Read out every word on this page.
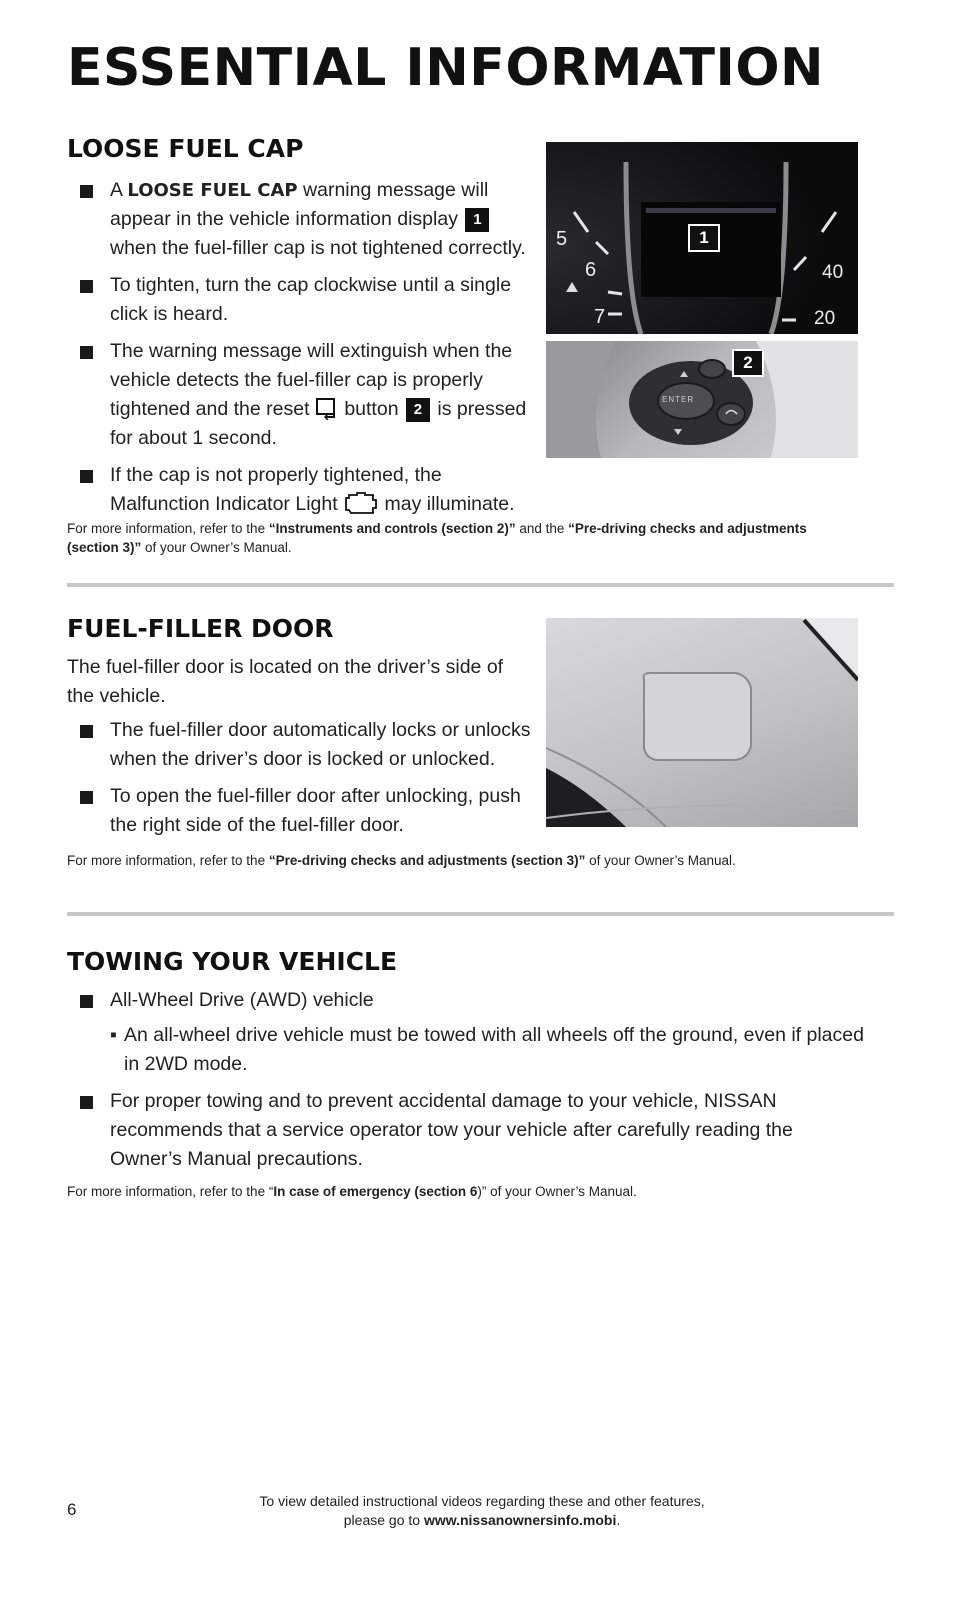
ESSENTIAL INFORMATION
LOOSE FUEL CAP
A LOOSE FUEL CAP warning message will appear in the vehicle information display 1 when the fuel-filler cap is not tightened correctly.
To tighten, turn the cap clockwise until a single click is heard.
The warning message will extinguish when the vehicle detects the fuel-filler cap is properly tightened and the reset  button 2 is pressed for about 1 second.
If the cap is not properly tightened, the Malfunction Indicator Light  may illuminate.
5
6
7
40
20
1
ENTER
2
For more information, refer to the “Instruments and controls (section 2)” and the “Pre-driving checks and adjustments (section 3)” of your Owner’s Manual.
FUEL-FILLER DOOR
The fuel-filler door is located on the driver’s side of the vehicle.
The fuel-filler door automatically locks or unlocks when the driver’s door is locked or unlocked.
To open the fuel-filler door after unlocking, push the right side of the fuel-filler door.
For more information, refer to the “Pre-driving checks and adjustments (section 3)” of your Owner’s Manual.
TOWING YOUR VEHICLE
All-Wheel Drive (AWD) vehicle
▪ An all-wheel drive vehicle must be towed with all wheels off the ground, even if placed in 2WD mode.
For proper towing and to prevent accidental damage to your vehicle, NISSAN recommends that a service operator tow your vehicle after carefully reading the Owner’s Manual precautions.
For more information, refer to the “In case of emergency (section 6)” of your Owner’s Manual.
6	To view detailed instructional videos regarding these and other features,
please go to www.nissanownersinfo.mobi.
